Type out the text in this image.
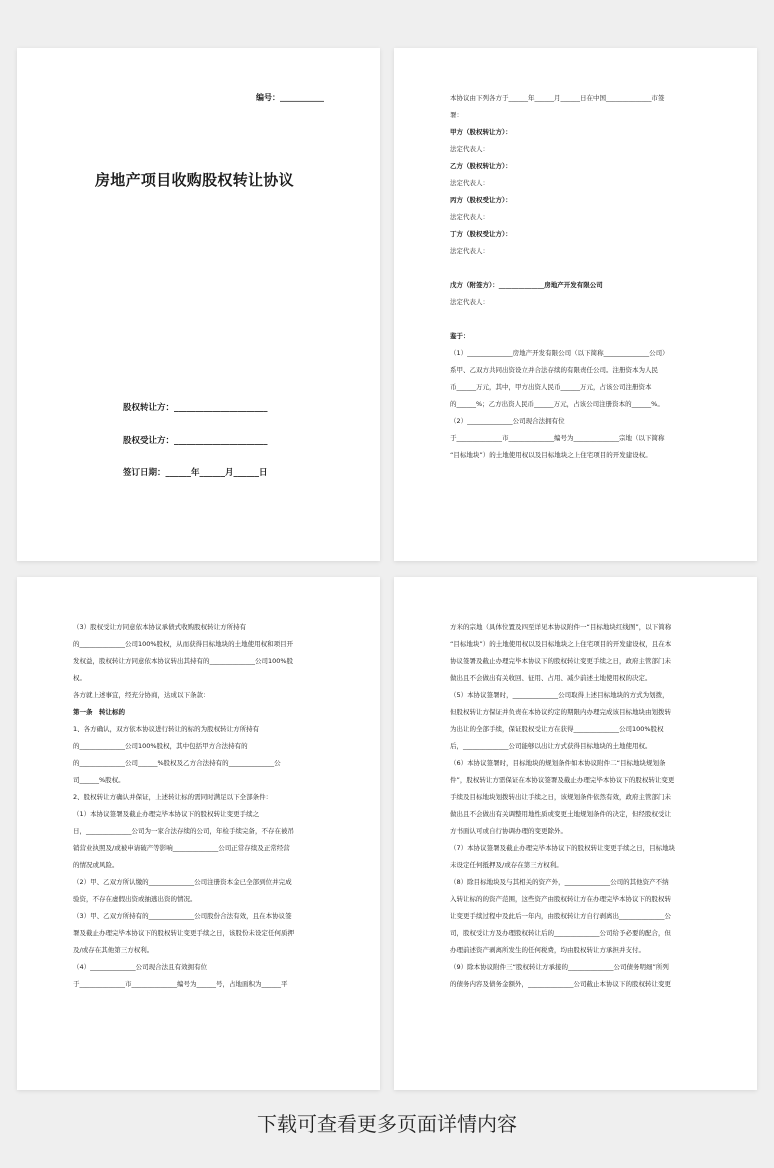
编号：___________
房地产项目收购股权转让协议
股权转让方：______________________
股权受让方：______________________
签订日期：______年______月______日
本协议由下列各方于______年______月______日在中国______________市签
署：
甲方（股权转让方）：
法定代表人：
乙方（股权转让方）：
法定代表人：
丙方（股权受让方）：
法定代表人：
丁方（股权受让方）：
法定代表人：
戊方（附签方）：______________房地产开发有限公司
法定代表人：
鉴于：
（1）______________房地产开发有限公司（以下简称______________公司）
系甲、乙双方共同出资设立并合法存续的有限责任公司。注册资本为人民
币______万元，其中，甲方出资人民币______万元，占该公司注册资本
的______%；乙方出资人民币______万元，占该公司注册资本的______%。
（2）______________公司现合法拥有位
于______________市______________编号为______________宗地（以下简称
“目标地块”）的土地使用权以及目标地块之上住宅项目的开发建设权。
（3）股权受让方同意依本协议承债式收购股权转让方所持有
的______________公司100%股权，从而获得目标地块的土地使用权和项目开
发权益，股权转让方同意依本协议转出其持有的______________公司100%股
权。
各方就上述事宜，经充分协商，达成以下条款：
第一条　转让标的
1、各方确认，双方依本协议进行转让的标的为股权转让方所持有
的______________公司100%股权，其中包括甲方合法持有的
的______________公司______%股权及乙方合法持有的______________公
司______%股权。
2、股权转让方确认并保证，上述转让标的需同时满足以下全部条件：
（1）本协议签署及截止办理完毕本协议下的股权转让变更手续之
日，______________公司为一家合法存续的公司，年检手续完备，不存在被吊
销营业执照及/或被申请破产等影响______________公司正常存续及正常经营
的情况或风险。
（2）甲、乙双方所认缴的______________公司注册资本金已全部到位并完成
验资，不存在虚假出资或抽逃出资的情况。
（3）甲、乙双方所持有的______________公司股份合法有效，且在本协议签
署及截止办理完毕本协议下的股权转让变更手续之日，该股份未设定任何质押
及/或存在其他第三方权利。
（4）______________公司现合法且有效拥有位
于______________市______________编号为______号，占地面积为______平
方米的宗地（具体位置及四至详见本协议附件一“目标地块红线图”，以下简称
“目标地块”）的土地使用权以及目标地块之上住宅项目的开发建设权，且在本
协议签署及截止办理完毕本协议下的股权转让变更手续之日，政府主管部门未
做出且不会做出有关收回、征用、占用、减少前述土地使用权的决定。
（5）本协议签署时，______________公司取得上述目标地块的方式为划拨，
但股权转让方保证并负责在本协议约定的期限内办理完成该目标地块由划拨转
为出让的全部手续，保证股权受让方在获得______________公司100%股权
后，______________公司能够以出让方式获得目标地块的土地使用权。
（6）本协议签署时，目标地块的规划条件如本协议附件二“目标地块规划条
件”，股权转让方需保证在本协议签署及截止办理完毕本协议下的股权转让变更
手续及目标地块划拨转出让手续之日，该规划条件依然有效，政府主管部门未
做出且不会做出有关调整用地性质或变更土地规划条件的决定，但经股权受让
方书面认可或自行协调办理的变更除外。
（7）本协议签署及截止办理完毕本协议下的股权转让变更手续之日，目标地块
未设定任何抵押及/或存在第三方权利。
（8）除目标地块及与其相关的资产外，______________公司的其他资产不纳
入转让标的的资产范围，这些资产由股权转让方在办理完毕本协议下的股权转
让变更手续过程中及此后一年内，由股权转让方自行剥离出______________公
司，股权受让方及办理股权转让后的______________公司给予必要的配合，但
办理前述资产剥离所发生的任何税费，均由股权转让方承担并支付。
（9）除本协议附件三“股权转让方承接的______________公司债务明细”所列
的债务内容及债务金额外，______________公司截止本协议下的股权转让变更
下载可查看更多页面详情内容
